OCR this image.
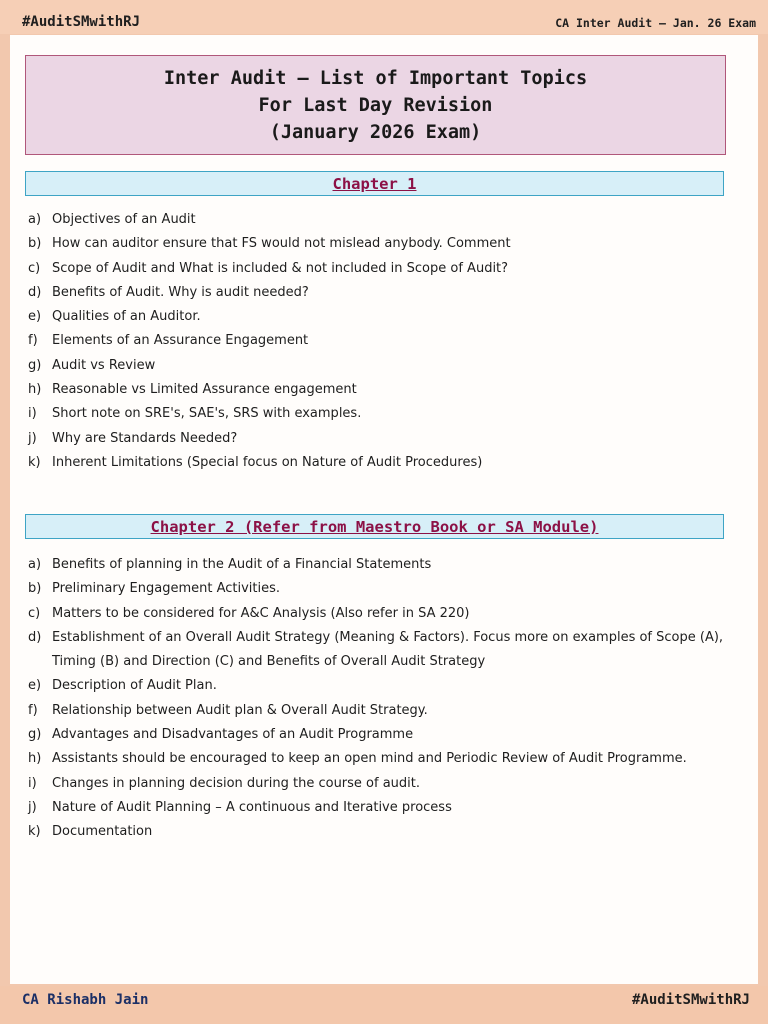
#AuditSMwithRJ	CA Inter Audit – Jan. 26 Exam
Inter Audit – List of Important Topics
For Last Day Revision
(January 2026 Exam)
Chapter 1
a) Objectives of an Audit
b) How can auditor ensure that FS would not mislead anybody. Comment
c) Scope of Audit and What is included & not included in Scope of Audit?
d) Benefits of Audit. Why is audit needed?
e) Qualities of an Auditor.
f)	Elements of an Assurance Engagement
g) Audit vs Review
h) Reasonable vs Limited Assurance engagement
i)	Short note on SRE's, SAE's, SRS with examples.
j)	Why are Standards Needed?
k) Inherent Limitations (Special focus on Nature of Audit Procedures)
Chapter 2 (Refer from Maestro Book or SA Module)
a) Benefits of planning in the Audit of a Financial Statements
b) Preliminary Engagement Activities.
c) Matters to be considered for A&C Analysis (Also refer in SA 220)
d) Establishment of an Overall Audit Strategy (Meaning & Factors). Focus more on examples of Scope (A), Timing (B) and Direction (C) and Benefits of Overall Audit Strategy
e) Description of Audit Plan.
f)	Relationship between Audit plan & Overall Audit Strategy.
g) Advantages and Disadvantages of an Audit Programme
h) Assistants should be encouraged to keep an open mind and Periodic Review of Audit Programme.
i)	Changes in planning decision during the course of audit.
j)	Nature of Audit Planning – A continuous and Iterative process
k) Documentation
CA Rishabh Jain	#AuditSMwithRJ
